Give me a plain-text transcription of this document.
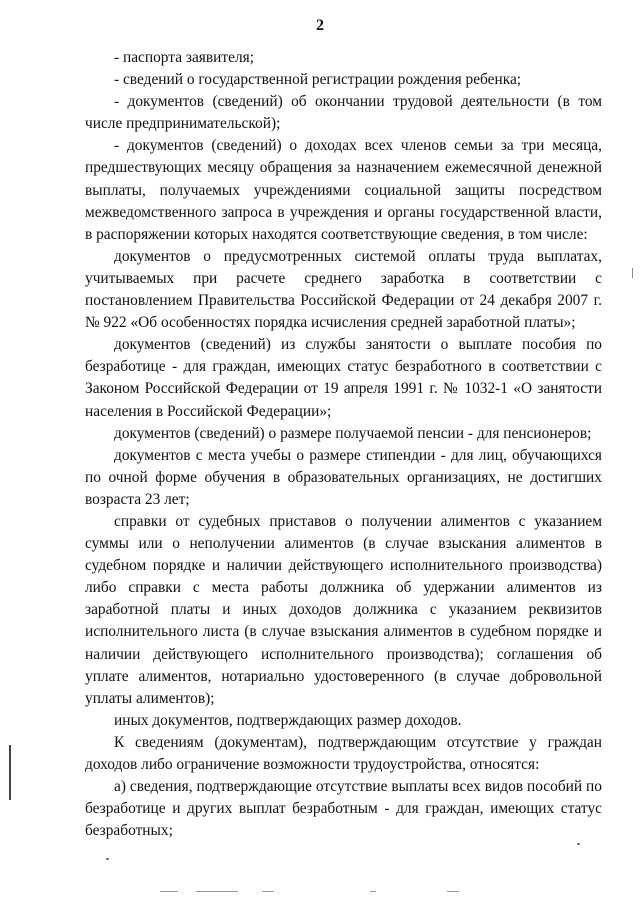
2

- паспорта заявителя;

- сведений о государственной регистрации рождения ребенка;

- документов (сведений) об окончании трудовой деятельности (в том числе предпринимательской);

- документов (сведений) о доходах всех членов семьи за три месяца, предшествующих месяцу обращения за назначением ежемесячной денежной выплаты, получаемых учреждениями социальной защиты посредством межведомственного запроса в учреждения и органы государственной власти, в распоряжении которых находятся соответствующие сведения, в том числе:

документов о предусмотренных системой оплаты труда выплатах, учитываемых при расчете среднего заработка в соответствии с постановлением Правительства Российской Федерации от 24 декабря 2007 г. № 922 «Об особенностях порядка исчисления средней заработной платы»;

документов (сведений) из службы занятости о выплате пособия по безработице - для граждан, имеющих статус безработного в соответствии с Законом Российской Федерации от 19 апреля 1991 г. № 1032-1 «О занятости населения в Российской Федерации»;

документов (сведений) о размере получаемой пенсии - для пенсионеров;

документов с места учебы о размере стипендии - для лиц, обучающихся по очной форме обучения в образовательных организациях, не достигших возраста 23 лет;

справки от судебных приставов о получении алиментов с указанием суммы или о неполучении алиментов (в случае взыскания алиментов в судебном порядке и наличии действующего исполнительного производства) либо справки с места работы должника об удержании алиментов из заработной платы и иных доходов должника с указанием реквизитов исполнительного листа (в случае взыскания алиментов в судебном порядке и наличии действующего исполнительного производства); соглашения об уплате алиментов, нотариально удостоверенного (в случае добровольной уплаты алиментов);

иных документов, подтверждающих размер доходов.

К сведениям (документам), подтверждающим отсутствие у граждан доходов либо ограничение возможности трудоустройства, относятся:

а) сведения, подтверждающие отсутствие выплаты всех видов пособий по безработице и других выплат безработным - для граждан, имеющих статус безработных;
